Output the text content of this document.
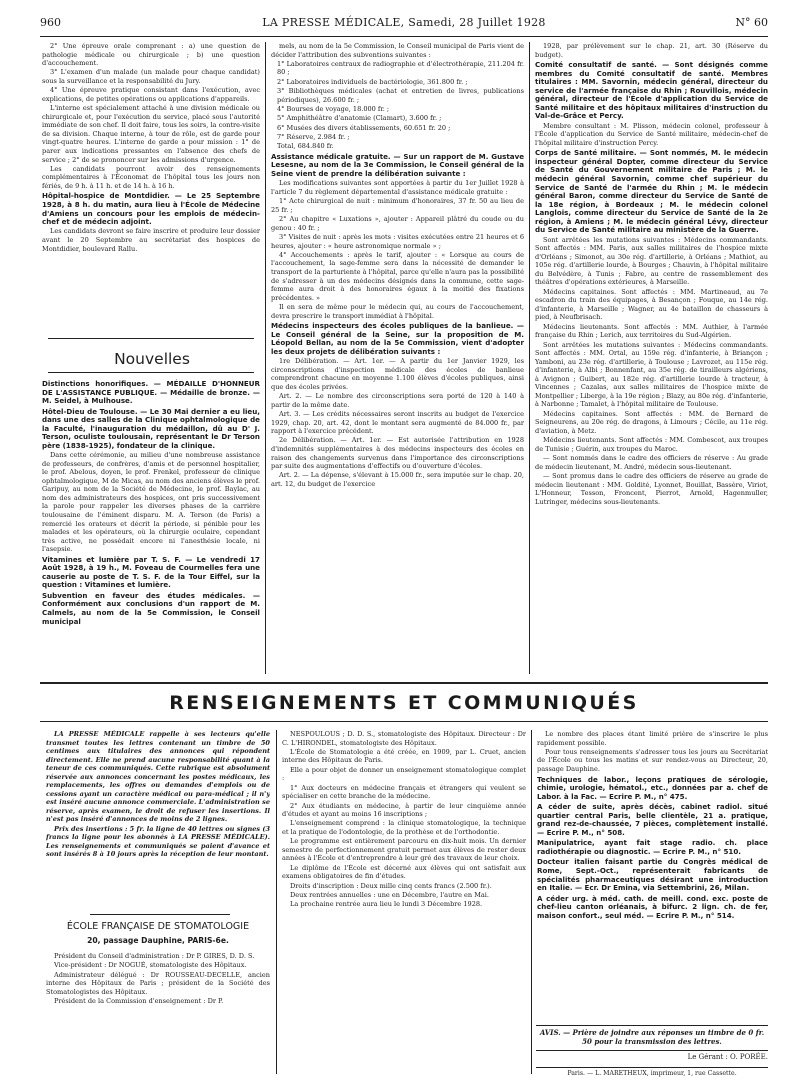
960	LA PRESSE MÉDICALE, Samedi, 28 Juillet 1928	N° 60

2° Une épreuve orale comprenant : a) une question de pathologie médicale ou chirurgicale ; b) une question d'accouchement.

3° L'examen d'un malade (un malade pour chaque candidat) sous la surveillance et la responsabilité du Jury.

4° Une épreuve pratique consistant dans l'exécution, avec explications, de petites opérations ou applications d'appareils.

L'interne est spécialement attaché à une division médicale ou chirurgicale et, pour l'exécution du service, placé sous l'autorité immédiate de son chef. Il doit faire, tous les soirs, la contre-visite de sa division. Chaque interne, à tour de rôle, est de garde pour vingt-quatre heures. L'interne de garde a pour mission : 1° de parer aux indications pressantes en l'absence des chefs de service ; 2° de se prononcer sur les admissions d'urgence.

Les candidats pourront avoir des renseignements complémentaires à l'Économat de l'hôpital tous les jours non fériés, de 9 h. à 11 h. et de 14 h. à 16 h.

Hôpital-hospice de Montdidier. — Le 25 Septembre 1928, à 8 h. du matin, aura lieu à l'École de Médecine d'Amiens un concours pour les emplois de médecin-chef et de médecin adjoint.

Les candidats devront se faire inscrire et produire leur dossier avant le 20 Septembre au secrétariat des hospices de Montdidier, boulevard Rallu.

Nouvelles

Distinctions honorifiques. — MÉDAILLE D'HONNEUR DE L'ASSISTANCE PUBLIQUE. — Médaille de bronze. — M. Seidel, à Mulhouse.

Hôtel-Dieu de Toulouse. — Le 30 Mai dernier a eu lieu, dans une des salles de la Clinique ophtalmologique de la Faculté, l'inauguration du médaillon, dû au D' J. Terson, oculiste toulousain, représentant le Dr Terson père (1838-1925), fondateur de la clinique.

Dans cette cérémonie, au milieu d'une nombreuse assistance de professeurs, de confrères, d'amis et de personnel hospitalier, le prof. Abelous, doyen, le prof. Frenkel, professeur de clinique ophtalmologique, M de Micas, au nom des anciens élèves le prof. Garipuy, au nom de la Société de Médecine, le prof. Baylac, au nom des administrateurs des hospices, ont pris successivement la parole pour rappeler les diverses phases de la carrière toulousaine de l'éminent disparu. M. A. Terson (de Paris) a remercié les orateurs et décrit la période, si pénible pour les malades et les opérateurs, où la chirurgie oculaire, cependant très active, ne possédait encore ni l'anesthésie locale, ni l'asepsie.

Vitamines et lumière par T. S. F. — Le vendredi 17 Août 1928, à 19 h., M. Foveau de Courmelles fera une causerie au poste de T. S. F. de la Tour Eiffel, sur la question : Vitamines et lumière.

Subvention en faveur des études médicales. — Conformément aux conclusions d'un rapport de M. Calmels, au nom de la 5e Commission, le Conseil municipal

mels, au nom de la 5e Commission, le Conseil municipal de Paris vient de décider l'attribution des subventions suivantes :

1° Laboratoires centraux de radiographie et d'électrothérapie, 211.204 fr. 80 ;

2° Laboratoires individuels de bactériologie, 361.800 fr. ;

3° Bibliothèques médicales (achat et entretien de livres, publications périodiques), 26.600 fr. ;

4° Bourses de voyage, 18.000 fr. ;

5° Amphithéâtre d'anatomie (Clamart), 3.600 fr. ;

6° Musées des divers établissements, 60.651 fr. 20 ;

7° Réserve, 2.984 fr. ;

Total, 684.840 fr.

Assistance médicale gratuite. — Sur un rapport de M. Gustave Lesesne, au nom de la 3e Commission, le Conseil général de la Seine vient de prendre la délibération suivante :

Les modifications suivantes sont apportées à partir du 1er Juillet 1928 à l'article 7 du règlement départemental d'assistance médicale gratuite :

1° Acte chirurgical de nuit : minimum d'honoraires, 37 fr. 50 au lieu de 25 fr. ;

2° Au chapitre « Luxations », ajouter : Appareil plâtré du coude ou du genou : 40 fr. ;

3° Visites de nuit : après les mots : visites exécutées entre 21 heures et 6 heures, ajouter : « heure astronomique normale » ;

4° Accouchements : après le tarif, ajouter : « Lorsque au cours de l'accouchement, la sage-femme sera dans la nécessité de demander le transport de la parturiente à l'hôpital, parce qu'elle n'aura pas la possibilité de s'adresser à un des médecins désignés dans la commune, cette sage-femme aura droit à des honoraires égaux à la moitié des fixations précédentes. »

Il en sera de même pour le médecin qui, au cours de l'accouchement, devra prescrire le transport immédiat à l'hôpital.

Médecins inspecteurs des écoles publiques de la banlieue. — Le Conseil général de la Seine, sur la proposition de M. Léopold Bellan, au nom de la 5e Commission, vient d'adopter les deux projets de délibération suivants :

1re Délibération. — Art. 1er. — A partir du 1er Janvier 1929, les circonscriptions d'inspection médicale des écoles de banlieue comprendront chacune en moyenne 1.100 élèves d'écoles publiques, ainsi que des écoles privées.

Art. 2. — Le nombre des circonscriptions sera porté de 120 à 140 à partir de la même date.

Art. 3. — Les crédits nécessaires seront inscrits au budget de l'exercice 1929, chap. 20, art. 42, dont le montant sera augmenté de 84.000 fr., par rapport à l'exercice précédent.

2e Délibération. — Art. 1er. — Est autorisée l'attribution en 1928 d'indemnités supplémentaires à des médecins inspecteurs des écoles en raison des changements survenus dans l'importance des circonscriptions par suite des augmentations d'effectifs ou d'ouverture d'écoles.

Art. 2. — La dépense, s'élevant à 15.000 fr., sera imputée sur le chap. 20, art. 12, du budget de l'exercice

1928, par prélèvement sur le chap. 21, art. 30 (Réserve du budget).

Comité consultatif de santé. — Sont désignés comme membres du Comité consultatif de santé. Membres titulaires : MM. Savornin, médecin général, directeur du service de l'armée française du Rhin ; Rouvillois, médecin général, directeur de l'École d'application du Service de Santé militaire et des hôpitaux militaires d'instruction du Val-de-Grâce et Percy.

Membre consultant : M. Plisson, médecin colonel, professeur à l'École d'application du Service de Santé militaire, médecin-chef de l'hôpital militaire d'instruction Percy.

Corps de Santé militaire. — Sont nommés, M. le médecin inspecteur général Dopter, comme directeur du Service de Santé du Gouvernement militaire de Paris ; M. le médecin général Savornin, comme chef supérieur du Service de Santé de l'armée du Rhin ; M. le médecin général Baron, comme directeur du Service de Santé de la 18e région, à Bordeaux ; M. le médecin colonel Langlois, comme directeur du Service de Santé de la 2e région, à Amiens ; M. le médecin général Lévy, directeur du Service de Santé militaire au ministère de la Guerre.

Sont arrêtées les mutations suivantes : Médecins commandants. Sont affectés : MM. Paris, aux salles militaires de l'hospice mixte d'Orléans ; Simonot, au 30e rég. d'artillerie, à Orléans ; Mathiot, au 105e rég. d'artillerie lourde, à Bourges ; Chauvin, à l'hôpital militaire du Belvédère, à Tunis ; Fabre, au centre de rassemblement des théâtres d'opérations extérieures, à Marseille.

Médecins capitaines. Sont affectés : MM. Martineaud, au 7e escadron du train des équipages, à Besançon ; Fouque, au 14e rég. d'infanterie, à Marseille ; Wagner, au 4e bataillon de chasseurs à pied, à Neufbrisach.

Médecins lieutenants. Sont affectés : MM. Authier, à l'armée française du Rhin ; Lerich, aux territoires du Sud-Algérien.

Sont arrêtées les mutations suivantes : Médecins commandants. Sont affectés : MM. Ortal, au 159e rég. d'infanterie, à Briançon ; Yamboni, au 23e rég. d'artillerie, à Toulouse ; Lavrozet, au 115e rég. d'infanterie, à Albi ; Bonnenfant, au 35e rég. de tirailleurs algériens, à Avignon ; Guibert, au 182e rég. d'artillerie lourde à tracteur, à Vincennes ; Cazalas, aux salles militaires de l'hospice mixte de Montpellier ; Liberge, à la 19e région ; Blazy, au 80e rég. d'infanterie, à Narbonne ; Tamalet, à l'hôpital militaire de Toulouse.

Médecins capitaines. Sont affectés : MM. de Bernard de Seigneurens, au 20e rég. de dragons, à Limours ; Cécile, au 11e rég. d'aviation, à Metz.

Médecins lieutenants. Sont affectés : MM. Combescot, aux troupes de Tunisie ; Guérin, aux troupes du Maroc.

— Sont nommés dans le cadre des officiers de réserve : Au grade de médecin lieutenant, M. André, médecin sous-lieutenant.

— Sont promus dans le cadre des officiers de réserve au grade de médecin lieutenant : MM. Goldité, Lyonnet, Bouillat, Bassère, Viriot, L'Honneur, Tesson, Froncent, Pierrot, Arnold, Hagenmuller, Lutringer, médecins sous-lieutenants.

RENSEIGNEMENTS ET COMMUNIQUÉS

LA PRESSE MÉDICALE rappelle à ses lecteurs qu'elle transmet toutes les lettres contenant un timbre de 50 centimes aux titulaires des annonces qui répondent directement. Elle ne prend aucune responsabilité quant à la teneur de ces communiqués. Cette rubrique est absolument réservée aux annonces concernant les postes médicaux, les remplacements, les offres ou demandes d'emplois ou de cessions ayant un caractère médical ou para-médical ; il n'y est inséré aucune annonce commerciale. L'administration se réserve, après examen, le droit de refuser les insertions. Il n'est pas inséré d'annonces de moins de 2 lignes.

Prix des insertions : 5 fr. la ligne de 40 lettres ou signes (3 francs la ligne pour les abonnés à LA PRESSE MÉDICALE). Les renseignements et communiqués se paient d'avance et sont insérés 8 à 10 jours après la réception de leur montant.

ÉCOLE FRANÇAISE DE STOMATOLOGIE
20, passage Dauphine, PARIS-6e.

Président du Conseil d'administration : Dr P. GIRES, D. D. S.

Vice-président : Dr NOGUÉ, stomatologiste des Hôpitaux.

Administrateur délégué : Dr ROUSSEAU-DECELLE, ancien interne des Hôpitaux de Paris ; président de la Société des Stomatologistes des Hôpitaux.

Président de la Commission d'enseignement : Dr P.

NESPOULOUS ; D. D. S., stomatologiste des Hôpitaux. Directeur : Dr C. L'HIRONDEL, stomatologiste des Hôpitaux.

L'École de Stomatologie a été créée, en 1909, par L. Cruet, ancien interne des Hôpitaux de Paris.

Elle a pour objet de donner un enseignement stomatologique complet :

1° Aux docteurs en médecine français et étrangers qui veulent se spécialiser en cette branche de la médecine.

2° Aux étudiants en médecine, à partir de leur cinquième année d'études et ayant au moins 16 inscriptions ;

L'enseignement comprend : la clinique stomatologique, la technique et la pratique de l'odontologie, de la prothèse et de l'orthodontie.

Le programme est entièrement parcouru en dix-huit mois. Un dernier semestre de perfectionnement gratuit permet aux élèves de rester deux années à l'École et d'entreprendre à leur gré des travaux de leur choix.

Le diplôme de l'École est décerné aux élèves qui ont satisfait aux examens obligatoires de fin d'études.

Droits d'inscription : Deux mille cinq cents francs (2.500 fr.).

Deux rentrées annuelles : une en Décembre, l'autre en Mai.

La prochaine rentrée aura lieu le lundi 3 Décembre 1928.

Le nombre des places étant limité prière de s'inscrire le plus rapidement possible.

Pour tous renseignements s'adresser tous les jours au Secrétariat de l'École ou tous les matins et sur rendez-vous au Directeur, 20, passage Dauphine.

Techniques de labor., leçons pratiques de sérologie, chimie, urologie, hématol., etc., données par a. chef de Labor. à la Fac. — Ecrire P. M., n° 475.

A céder de suite, après décès, cabinet radiol. situé quartier central Paris, belle clientèle, 21 a. pratique, grand rez-de-chaussée, 7 pièces, complètement installé. — Ecrire P. M., n° 508.

Manipulatrice, ayant fait stage radio. ch. place radiothérapie ou diagnostic. — Ecrire P. M., n° 510.

Docteur italien faisant partie du Congrès médical de Rome, Sept.-Oct., représenterait fabricants de spécialités pharmaceutiques désirant une introduction en Italie. — Ecr. Dr Emina, via Settembrini, 26, Milan.

A céder urg. à méd. cath. de meill. cond. exc. poste de chef-lieu canton orléanais, à bifurc. 2 lign. ch. de fer, maison confort., seul méd. — Ecrire P. M., n° 514.

AVIS. — Prière de joindre aux réponses un timbre de 0 fr. 50 pour la transmission des lettres.
Le Gérant : O. PORÉE.
Paris. — L. MARETHEUX, imprimeur, 1, rue Cassette.
